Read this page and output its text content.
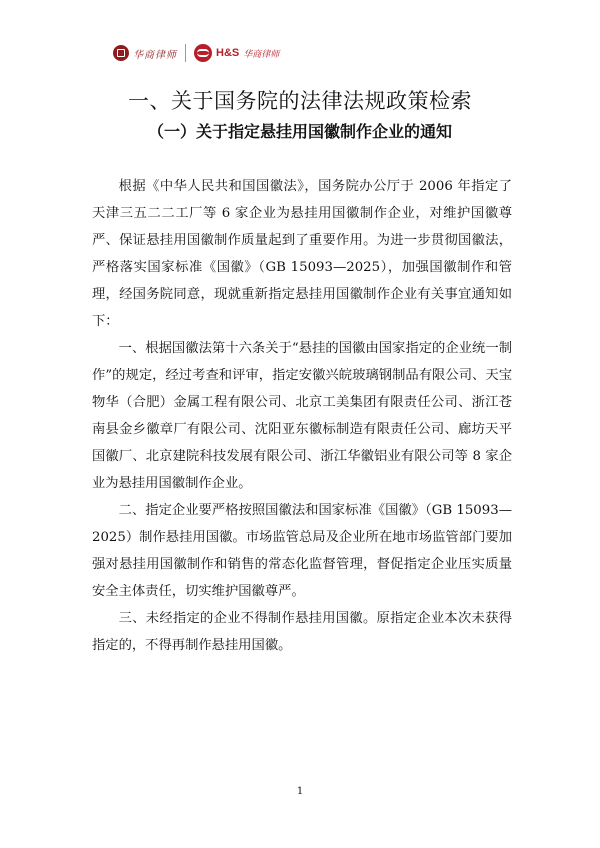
华商律师	H&S 华商律师
一、关于国务院的法律法规政策检索
（一）关于指定悬挂用国徽制作企业的通知

根据《中华人民共和国国徽法》，国务院办公厅于 2006 年指定了天津三五二二工厂等 6 家企业为悬挂用国徽制作企业，对维护国徽尊严、保证悬挂用国徽制作质量起到了重要作用。为进一步贯彻国徽法，严格落实国家标准《国徽》（GB 15093—2025），加强国徽制作和管理，经国务院同意，现就重新指定悬挂用国徽制作企业有关事宜通知如下：

一、根据国徽法第十六条关于“悬挂的国徽由国家指定的企业统一制作”的规定，经过考查和评审，指定安徽兴皖玻璃钢制品有限公司、天宝物华（合肥）金属工程有限公司、北京工美集团有限责任公司、浙江苍南县金乡徽章厂有限公司、沈阳亚东徽标制造有限责任公司、廊坊天平国徽厂、北京建院科技发展有限公司、浙江华徽铝业有限公司等 8 家企业为悬挂用国徽制作企业。

二、指定企业要严格按照国徽法和国家标准《国徽》（GB 15093—2025）制作悬挂用国徽。市场监管总局及企业所在地市场监管部门要加强对悬挂用国徽制作和销售的常态化监督管理，督促指定企业压实质量安全主体责任，切实维护国徽尊严。

三、未经指定的企业不得制作悬挂用国徽。原指定企业本次未获得指定的，不得再制作悬挂用国徽。

1
